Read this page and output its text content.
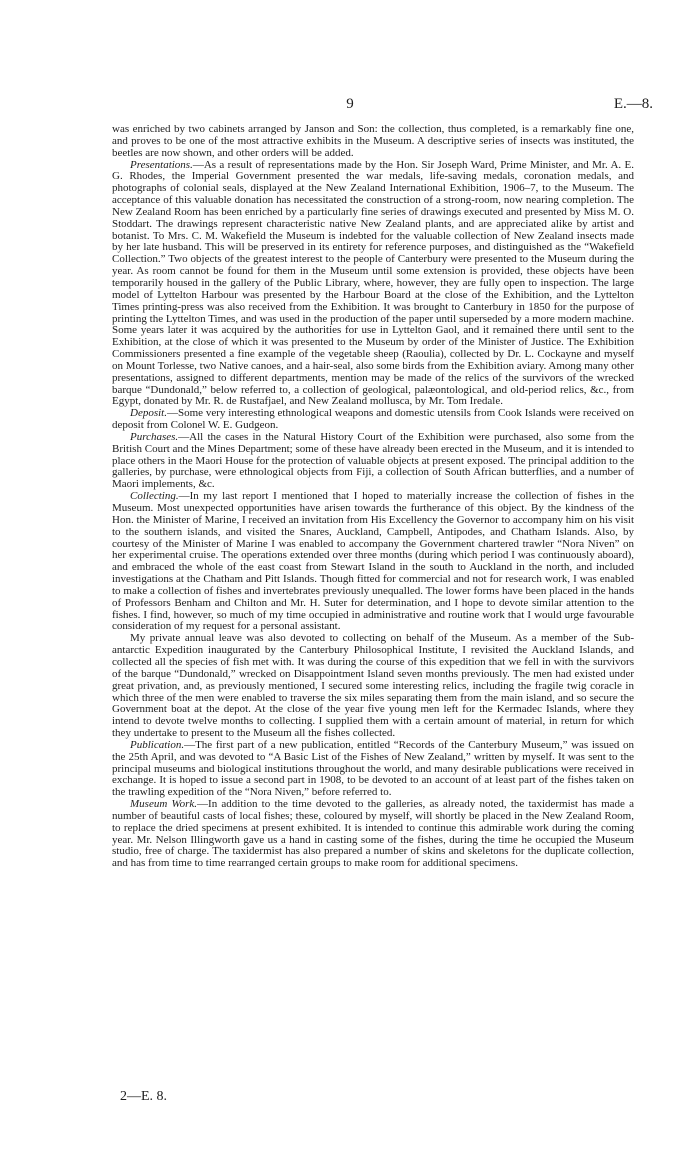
9	E.—8.

was enriched by two cabinets arranged by Janson and Son: the collection, thus completed, is a remarkably fine one, and proves to be one of the most attractive exhibits in the Museum. A descriptive series of insects was instituted, the beetles are now shown, and other orders will be added.

Presentations.—As a result of representations made by the Hon. Sir Joseph Ward, Prime Minister, and Mr. A. E. G. Rhodes, the Imperial Government presented the war medals, life-saving medals, coronation medals, and photographs of colonial seals, displayed at the New Zealand International Exhibition, 1906–7, to the Museum. The acceptance of this valuable donation has necessitated the construction of a strong-room, now nearing completion. The New Zealand Room has been enriched by a particularly fine series of drawings executed and presented by Miss M. O. Stoddart. The drawings represent characteristic native New Zealand plants, and are appreciated alike by artist and botanist. To Mrs. C. M. Wakefield the Museum is indebted for the valuable collection of New Zealand insects made by her late husband. This will be preserved in its entirety for reference purposes, and distinguished as the “Wakefield Collection.” Two objects of the greatest interest to the people of Canterbury were presented to the Museum during the year. As room cannot be found for them in the Museum until some extension is provided, these objects have been temporarily housed in the gallery of the Public Library, where, however, they are fully open to inspection. The large model of Lyttelton Harbour was presented by the Harbour Board at the close of the Exhibition, and the Lyttelton Times printing-press was also received from the Exhibition. It was brought to Canterbury in 1850 for the purpose of printing the Lyttelton Times, and was used in the production of the paper until superseded by a more modern machine. Some years later it was acquired by the authorities for use in Lyttelton Gaol, and it remained there until sent to the Exhibition, at the close of which it was presented to the Museum by order of the Minister of Justice. The Exhibition Commissioners presented a fine example of the vegetable sheep (Raoulia), collected by Dr. L. Cockayne and myself on Mount Torlesse, two Native canoes, and a hair-seal, also some birds from the Exhibition aviary. Among many other presentations, assigned to different departments, mention may be made of the relics of the survivors of the wrecked barque “Dundonald,” below referred to, a collection of geological, palæontological, and old-period relics, &c., from Egypt, donated by Mr. R. de Rustafjael, and New Zealand mollusca, by Mr. Tom Iredale.

Deposit.—Some very interesting ethnological weapons and domestic utensils from Cook Islands were received on deposit from Colonel W. E. Gudgeon.

Purchases.—All the cases in the Natural History Court of the Exhibition were purchased, also some from the British Court and the Mines Department; some of these have already been erected in the Museum, and it is intended to place others in the Maori House for the protection of valuable objects at present exposed. The principal addition to the galleries, by purchase, were ethnological objects from Fiji, a collection of South African butterflies, and a number of Maori implements, &c.

Collecting.—In my last report I mentioned that I hoped to materially increase the collection of fishes in the Museum. Most unexpected opportunities have arisen towards the furtherance of this object. By the kindness of the Hon. the Minister of Marine, I received an invitation from His Excellency the Governor to accompany him on his visit to the southern islands, and visited the Snares, Auckland, Campbell, Antipodes, and Chatham Islands. Also, by courtesy of the Minister of Marine I was enabled to accompany the Government chartered trawler “Nora Niven” on her experimental cruise. The operations extended over three months (during which period I was continuously aboard), and embraced the whole of the east coast from Stewart Island in the south to Auckland in the north, and included investigations at the Chatham and Pitt Islands. Though fitted for commercial and not for research work, I was enabled to make a collection of fishes and invertebrates previously unequalled. The lower forms have been placed in the hands of Professors Benham and Chilton and Mr. H. Suter for determination, and I hope to devote similar attention to the fishes. I find, however, so much of my time occupied in administrative and routine work that I would urge favourable consideration of my request for a personal assistant.

My private annual leave was also devoted to collecting on behalf of the Museum. As a member of the Sub-antarctic Expedition inaugurated by the Canterbury Philosophical Institute, I revisited the Auckland Islands, and collected all the species of fish met with. It was during the course of this expedition that we fell in with the survivors of the barque “Dundonald,” wrecked on Disappointment Island seven months previously. The men had existed under great privation, and, as previously mentioned, I secured some interesting relics, including the fragile twig coracle in which three of the men were enabled to traverse the six miles separating them from the main island, and so secure the Government boat at the depot. At the close of the year five young men left for the Kermadec Islands, where they intend to devote twelve months to collecting. I supplied them with a certain amount of material, in return for which they undertake to present to the Museum all the fishes collected.

Publication.—The first part of a new publication, entitled “Records of the Canterbury Museum,” was issued on the 25th April, and was devoted to “A Basic List of the Fishes of New Zealand,” written by myself. It was sent to the principal museums and biological institutions throughout the world, and many desirable publications were received in exchange. It is hoped to issue a second part in 1908, to be devoted to an account of at least part of the fishes taken on the trawling expedition of the “Nora Niven,” before referred to.

Museum Work.—In addition to the time devoted to the galleries, as already noted, the taxidermist has made a number of beautiful casts of local fishes; these, coloured by myself, will shortly be placed in the New Zealand Room, to replace the dried specimens at present exhibited. It is intended to continue this admirable work during the coming year. Mr. Nelson Illingworth gave us a hand in casting some of the fishes, during the time he occupied the Museum studio, free of charge. The taxidermist has also prepared a number of skins and skeletons for the duplicate collection, and has from time to time rearranged certain groups to make room for additional specimens.

2—E. 8.
